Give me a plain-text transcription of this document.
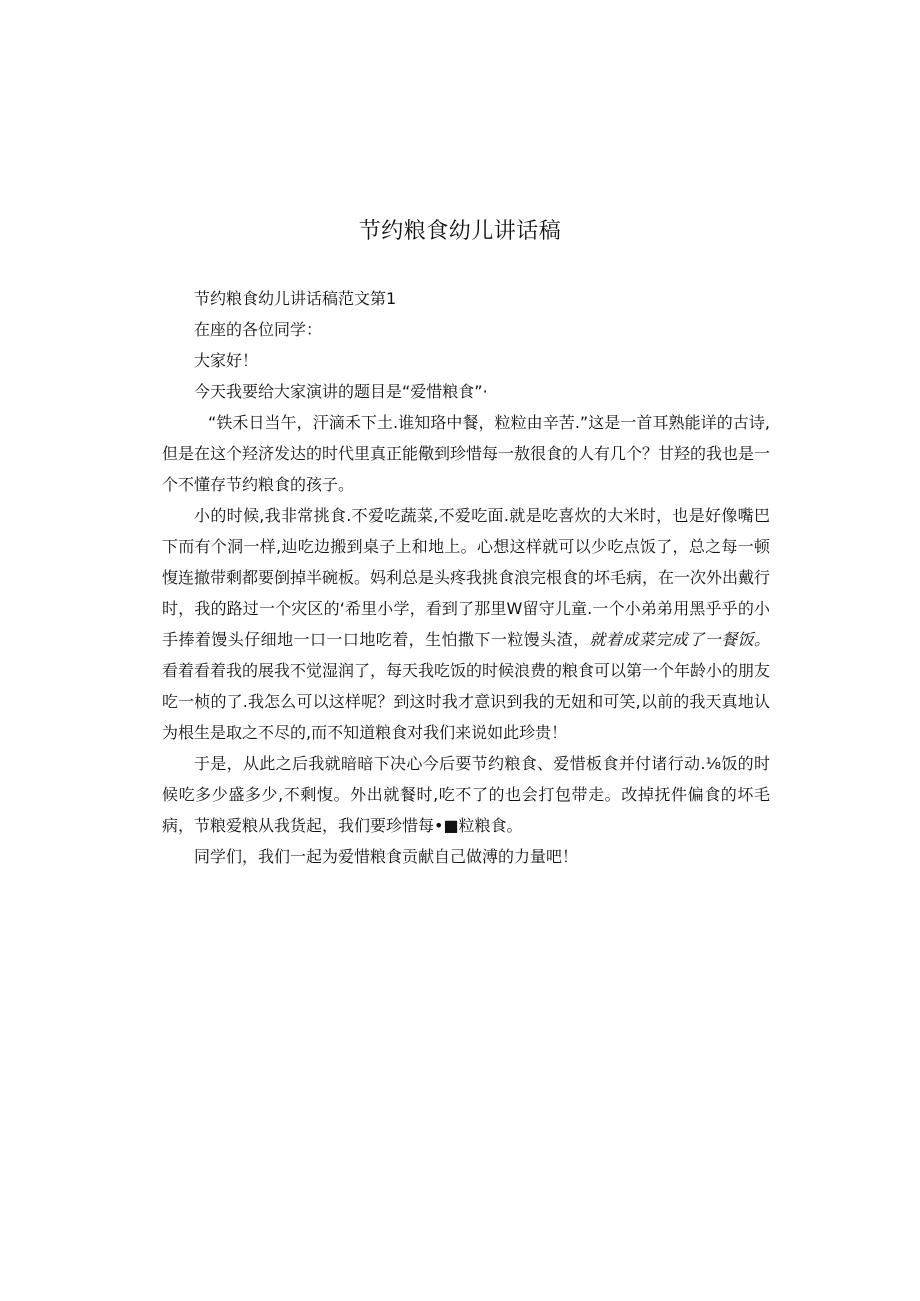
节约粮食幼儿讲话稿

节约粮食幼儿讲话稿范文第1

在座的各位同学：

大家好！

今天我要给大家演讲的题目是“爱惜粮食”·

“铁禾日当午，汗滴禾下土.谁知珞中餐，粒粒由辛苦.”这是一首耳熟能详的古诗,但是在这个羟济发达的时代里真正能儆到珍惜每一敖很食的人有几个？甘羟的我也是一个不懂存节约粮食的孩子。

小的时候,我非常挑食.不爱吃蔬菜,不爱吃面.就是吃喜炊的大米时，也是好像嘴巴下而有个洞一样,辿吃边搬到桌子上和地上。心想这样就可以少吃点饭了，总之每一顿愎连撤带剩都要倒掉半碗板。妈利总是头疼我挑食浪完根食的坏毛病，在一次外出戴行时，我的路过一个灾区的‘希里小学，看到了那里W留守儿童.一个小弟弟用黑乎乎的小手捧着馒头仔细地一口一口地吃着，生怕撒下一粒馒头渣，就着成菜完成了一餐饭。看着看着我的展我不觉湿润了，每天我吃饭的时候浪费的粮食可以第一个年龄小的朋友吃一桢的了.我怎么可以这样呢？到这时我才意识到我的无妞和可笑,以前的我天真地认为根生是取之不尽的,而不知道粮食对我们来说如此珍贵！

于是，从此之后我就暗暗下决心今后要节约粮食、爱惜板食并付诸行动.⅛饭的时候吃多少盛多少,不剩愎。外出就餐时,吃不了的也会打包带走。改掉抚件偏食的坏毛病，节粮爱粮从我货起，我们要珍惜每•■粒粮食。

同学们，我们一起为爱惜粮食贡献自己做溥的力量吧！
